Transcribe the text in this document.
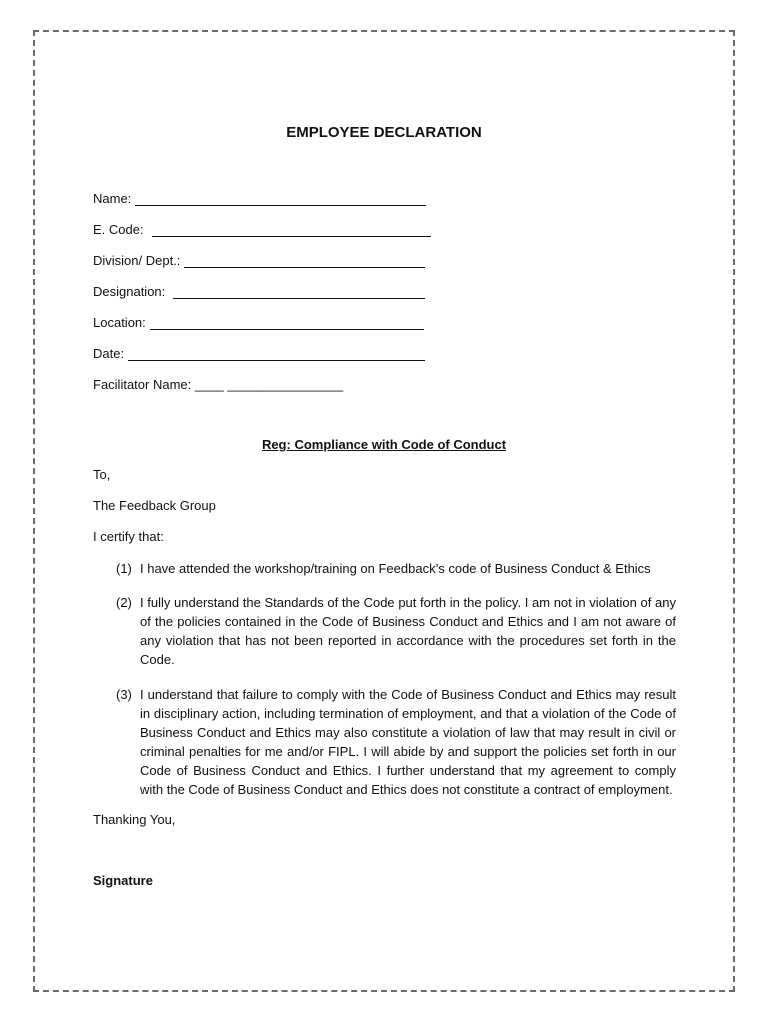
EMPLOYEE DECLARATION
Name:
E. Code:
Division/ Dept.:
Designation:
Location:
Date:
Facilitator Name: ____ ________________
Reg: Compliance with Code of Conduct
To,
The Feedback Group
I certify that:
(1) I have attended the workshop/training on Feedback’s code of Business Conduct & Ethics
(2) I fully understand the Standards of the Code put forth in the policy. I am not in violation of any of the policies contained in the Code of Business Conduct and Ethics and I am not aware of any violation that has not been reported in accordance with the procedures set forth in the Code.
(3) I understand that failure to comply with the Code of Business Conduct and Ethics may result in disciplinary action, including termination of employment, and that a violation of the Code of Business Conduct and Ethics may also constitute a violation of law that may result in civil or criminal penalties for me and/or FIPL. I will abide by and support the policies set forth in our Code of Business Conduct and Ethics. I further understand that my agreement to comply with the Code of Business Conduct and Ethics does not constitute a contract of employment.
Thanking You,
Signature
